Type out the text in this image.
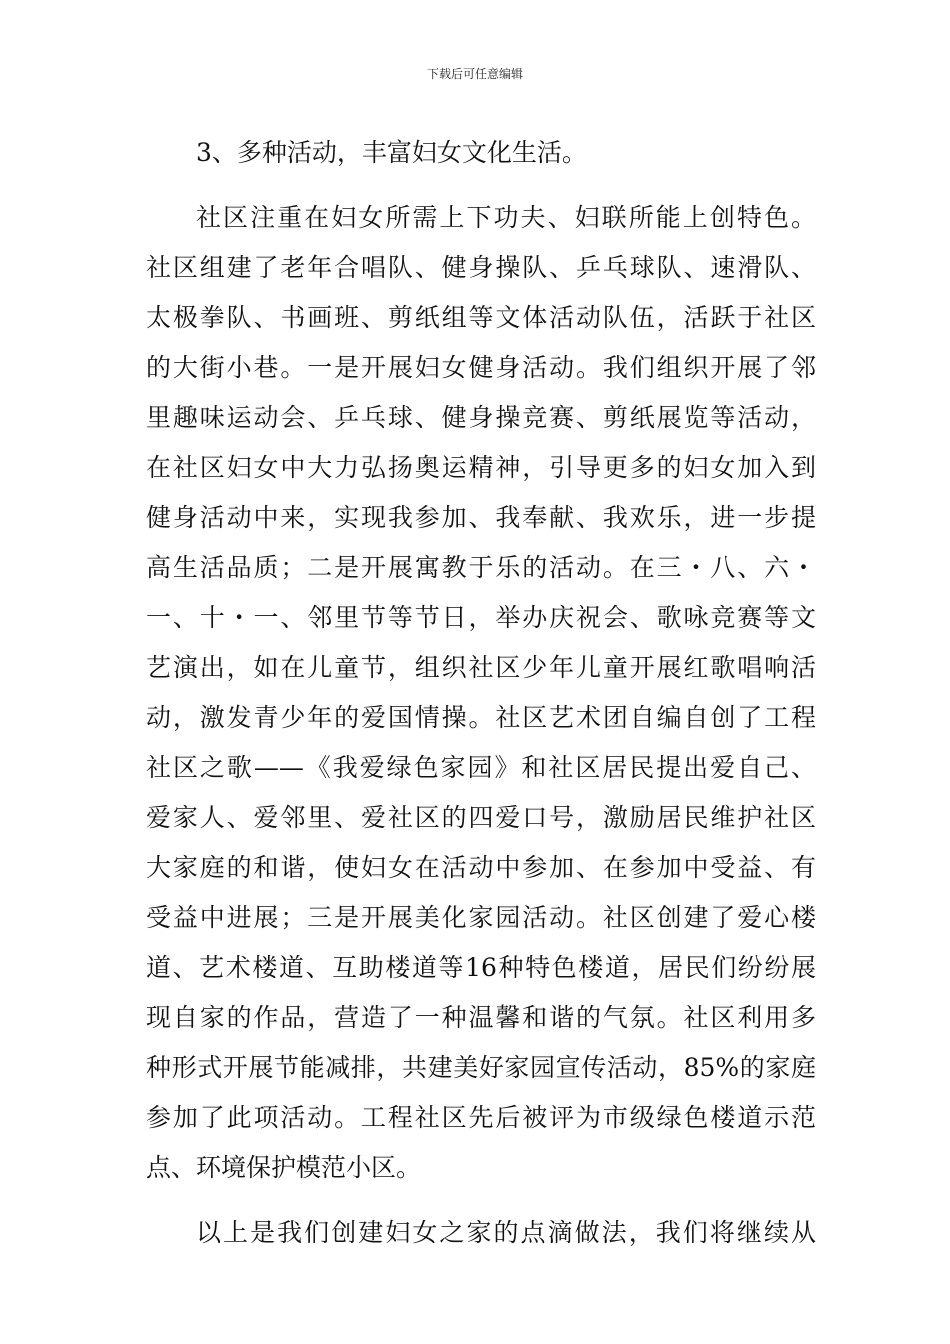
下载后可任意编辑
3、多种活动，丰富妇女文化生活。
社区注重在妇女所需上下功夫、妇联所能上创特色。
社区组建了老年合唱队、健身操队、乒乓球队、速滑队、
太极拳队、书画班、剪纸组等文体活动队伍，活跃于社区
的大街小巷。一是开展妇女健身活动。我们组织开展了邻
里趣味运动会、乒乓球、健身操竞赛、剪纸展览等活动，
在社区妇女中大力弘扬奥运精神，引导更多的妇女加入到
健身活动中来，实现我参加、我奉献、我欢乐，进一步提
高生活品质；二是开展寓教于乐的活动。在三・八、六・
一、十・一、邻里节等节日，举办庆祝会、歌咏竞赛等文
艺演出，如在儿童节，组织社区少年儿童开展红歌唱响活
动，激发青少年的爱国情操。社区艺术团自编自创了工程
社区之歌——《我爱绿色家园》和社区居民提出爱自己、
爱家人、爱邻里、爱社区的四爱口号，激励居民维护社区
大家庭的和谐，使妇女在活动中参加、在参加中受益、有
受益中进展；三是开展美化家园活动。社区创建了爱心楼
道、艺术楼道、互助楼道等16种特色楼道，居民们纷纷展
现自家的作品，营造了一种温馨和谐的气氛。社区利用多
种形式开展节能减排，共建美好家园宣传活动，85%的家庭
参加了此项活动。工程社区先后被评为市级绿色楼道示范
点、环境保护模范小区。
以上是我们创建妇女之家的点滴做法，我们将继续从
